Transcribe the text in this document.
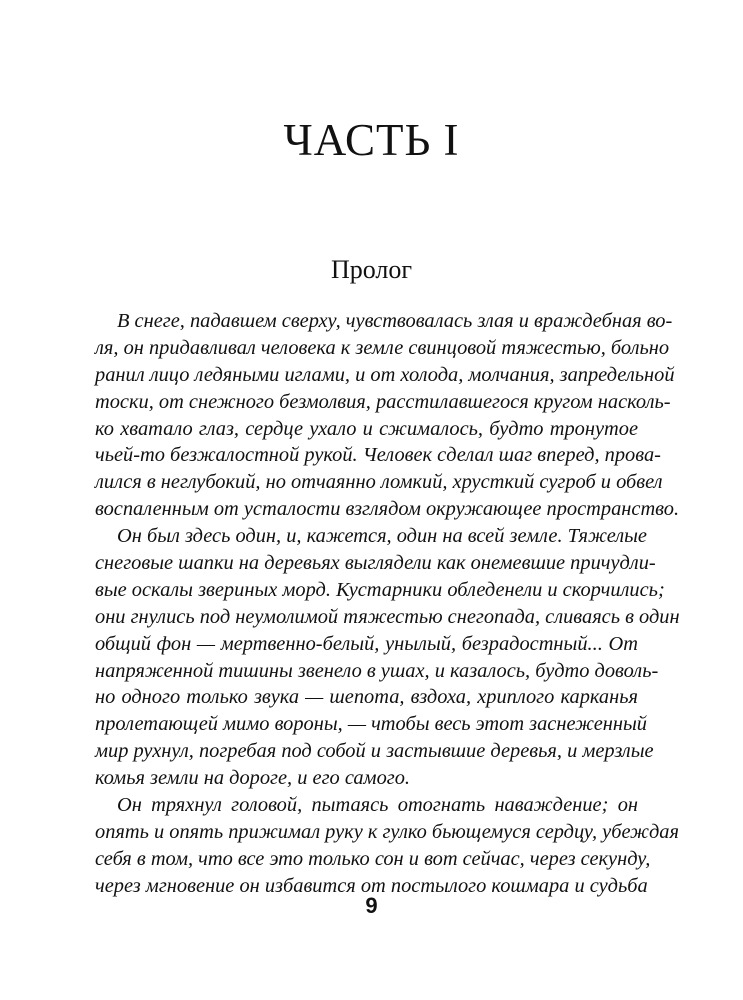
ЧАСТЬ I
Пролог
В снеге, падавшем сверху, чувствовалась злая и враждебная во-
ля, он придавливал человека к земле свинцовой тяжестью, больно
ранил лицо ледяными иглами, и от холода, молчания, запредельной
тоски, от снежного безмолвия, расстилавшегося кругом насколь-
ко хватало глаз, сердце ухало и сжималось, будто тронутое
чьей-то безжалостной рукой. Человек сделал шаг вперед, прова-
лился в неглубокий, но отчаянно ломкий, хрусткий сугроб и обвел
воспаленным от усталости взглядом окружающее пространство.
Он был здесь один, и, кажется, один на всей земле. Тяжелые
снеговые шапки на деревьях выглядели как онемевшие причудли-
вые оскалы звериных морд. Кустарники обледенели и скорчились;
они гнулись под неумолимой тяжестью снегопада, сливаясь в один
общий фон — мертвенно-белый, унылый, безрадостный... От
напряженной тишины звенело в ушах, и казалось, будто доволь-
но одного только звука — шепота, вздоха, хриплого карканья
пролетающей мимо вороны, — чтобы весь этот заснеженный
мир рухнул, погребая под собой и застывшие деревья, и мерзлые
комья земли на дороге, и его самого.
Он тряхнул головой, пытаясь отогнать наваждение; он
опять и опять прижимал руку к гулко бьющемуся сердцу, убеждая
себя в том, что все это только сон и вот сейчас, через секунду,
через мгновение он избавится от постылого кошмара и судьба
9
